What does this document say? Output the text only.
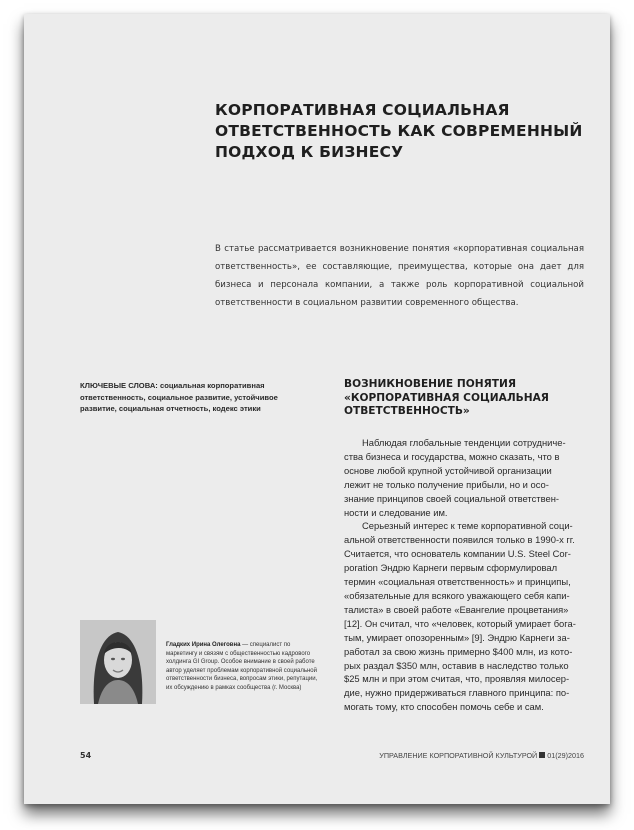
КОРПОРАТИВНАЯ СОЦИАЛЬНАЯ
ОТВЕТСТВЕННОСТЬ КАК СОВРЕМЕННЫЙ
ПОДХОД К БИЗНЕСУ

В статье рассматривается возникновение понятия «корпоративная социальная ответственность», ее составляющие, преимущества, которые она дает для бизнеса и персонала компании, а также роль корпоративной социальной ответственности в социальном развитии современного общества.

КЛЮЧЕВЫЕ СЛОВА: социальная корпоративная ответственность, социальное развитие, устойчивое развитие, социальная отчетность, кодекс этики

ВОЗНИКНОВЕНИЕ ПОНЯТИЯ
«КОРПОРАТИВНАЯ СОЦИАЛЬНАЯ
ОТВЕТСТВЕННОСТЬ»
Наблюдая глобальные тенденции сотрудниче-
ства бизнеса и государства, можно сказать, что в
основе любой крупной устойчивой организации
лежит не только получение прибыли, но и осо-
знание принципов своей социальной ответствен-
ности и следование им.
Серьезный интерес к теме корпоративной соци-
альной ответственности появился только в 1990-х гг.
Считается, что основатель компании U.S. Steel Cor-
poration Эндрю Карнеги первым сформулировал
термин «социальная ответственность» и принципы,
«обязательные для всякого уважающего себя капи-
талиста» в своей работе «Евангелие процветания»
[12]. Он считал, что «человек, который умирает бога-
тым, умирает опозоренным» [9]. Эндрю Карнеги за-
работал за свою жизнь примерно $400 млн, из кото-
рых раздал $350 млн, оставив в наследство только
$25 млн и при этом считая, что, проявляя милосер-
дие, нужно придерживаться главного принципа: по-
могать тому, кто способен помочь себе и сам.

Гладких Ирина Олеговна — специалист по маркетингу и связям с общественностью кадрового холдинга GI Group. Особое внимание в своей работе автор уделяет проблемам корпоративной социальной ответственности бизнеса, вопросам этики, репутации, их обсуждению в рамках сообщества (г. Москва)

54	УПРАВЛЕНИЕ КОРПОРАТИВНОЙ КУЛЬТУРОЙ 01(29)2016
